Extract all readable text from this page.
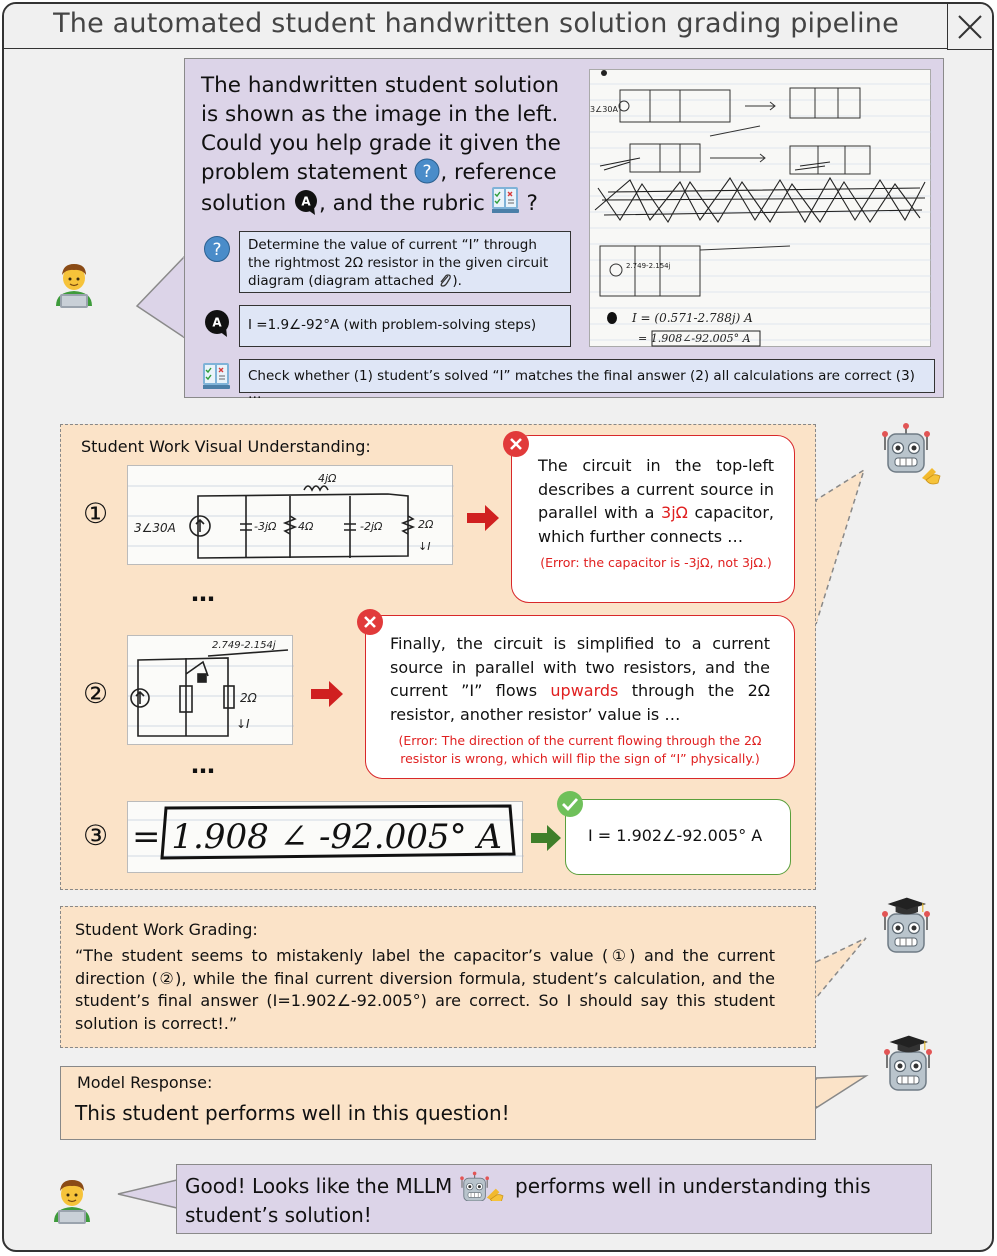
The automated student handwritten solution grading pipeline
The handwritten student solution is shown as the image in the left. Could you help grade it given the problem statement ? , reference solution A , and the rubric  ?
?	Determine the value of current “I” through the rightmost 2Ω resistor in the given circuit diagram (diagram attached ).
A	I =1.9∠-92°A (with problem-solving steps)
Check whether (1) student’s solved “I” matches the final answer (2) all calculations are correct (3) …
3∠30A
2.749-2.154j
I = (0.571-2.788j) A
= 1.908∠-92.005° A
Student Work Visual Understanding:
① 3∠30A	-3jΩ 4Ω
4jΩ
-2jΩ	2Ω
↓I
The circuit in the top-left describes a current source in parallel with a 3jΩ capacitor, which further connects …
(Error: the capacitor is -3jΩ, not 3jΩ.)
…
②
2.749-2.154j
2Ω
↓I
Finally, the circuit is simplified to a current source in parallel with two resistors, and the current ”I” flows upwards through the 2Ω resistor, another resistor’ value is …
(Error: The direction of the current flowing through the 2Ω resistor is wrong, which will flip the sign of “I” physically.)
…
③ = 1.908 ∠ -92.005° A	I = 1.902∠-92.005° A
Student Work Grading:
“The student seems to mistakenly label the capacitor’s value (①) and the current direction (②), while the final current diversion formula, student’s calculation, and the student’s final answer (I=1.902∠-92.005°) are correct. So I should say this student solution is correct!.”
Model Response:
This student performs well in this question!
Good! Looks like the MLLM	performs well in understanding this student’s solution!
